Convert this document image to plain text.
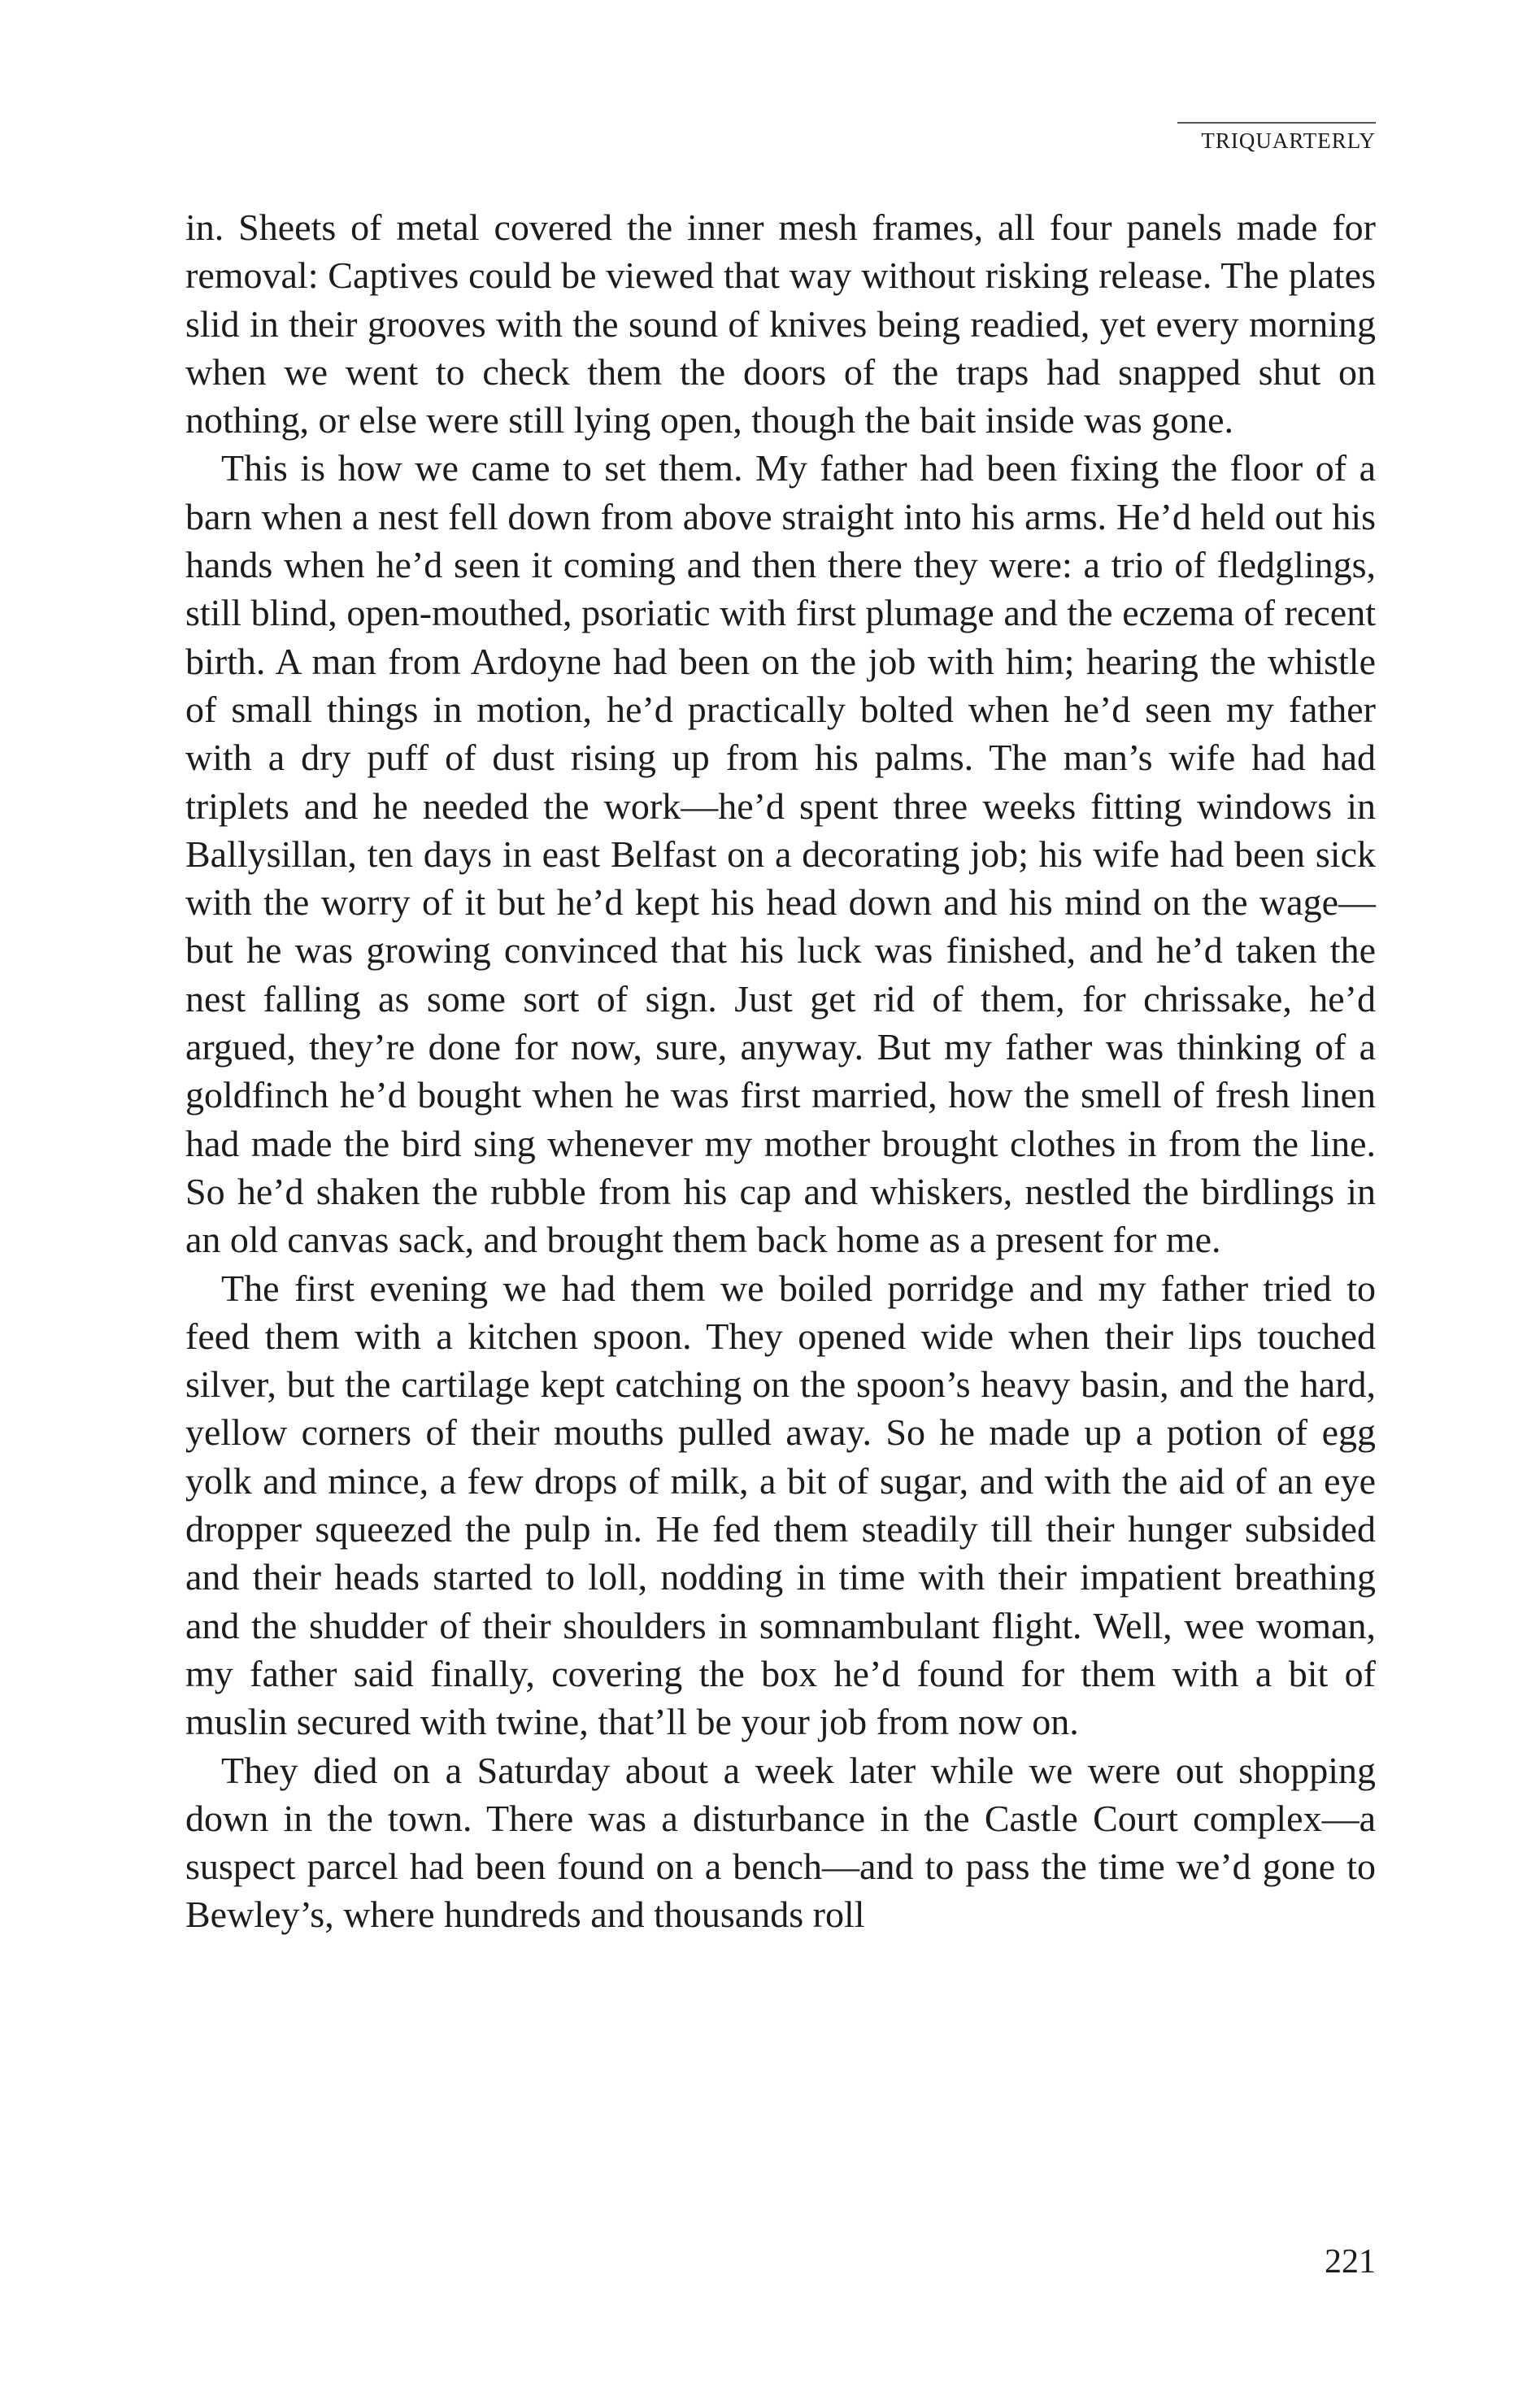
TRIQUARTERLY

in. Sheets of metal covered the inner mesh frames, all four panels made for removal: Captives could be viewed that way without risking release. The plates slid in their grooves with the sound of knives being readied, yet every morning when we went to check them the doors of the traps had snapped shut on nothing, or else were still lying open, though the bait inside was gone.

This is how we came to set them. My father had been fixing the floor of a barn when a nest fell down from above straight into his arms. He’d held out his hands when he’d seen it coming and then there they were: a trio of fledglings, still blind, open-mouthed, psoriatic with first plumage and the eczema of recent birth. A man from Ardoyne had been on the job with him; hearing the whistle of small things in motion, he’d practically bolted when he’d seen my father with a dry puff of dust rising up from his palms. The man’s wife had had triplets and he needed the work—he’d spent three weeks fitting windows in Ballysillan, ten days in east Belfast on a decorating job; his wife had been sick with the worry of it but he’d kept his head down and his mind on the wage—but he was growing convinced that his luck was finished, and he’d taken the nest falling as some sort of sign. Just get rid of them, for chrissake, he’d argued, they’re done for now, sure, anyway. But my father was thinking of a goldfinch he’d bought when he was first married, how the smell of fresh linen had made the bird sing whenever my mother brought clothes in from the line. So he’d shaken the rubble from his cap and whiskers, nestled the birdlings in an old canvas sack, and brought them back home as a present for me.

The first evening we had them we boiled porridge and my father tried to feed them with a kitchen spoon. They opened wide when their lips touched silver, but the cartilage kept catching on the spoon’s heavy basin, and the hard, yellow corners of their mouths pulled away. So he made up a potion of egg yolk and mince, a few drops of milk, a bit of sugar, and with the aid of an eye dropper squeezed the pulp in. He fed them steadily till their hunger subsided and their heads started to loll, nodding in time with their impatient breathing and the shudder of their shoulders in somnambulant flight. Well, wee woman, my father said finally, covering the box he’d found for them with a bit of muslin secured with twine, that’ll be your job from now on.

They died on a Saturday about a week later while we were out shopping down in the town. There was a disturbance in the Castle Court complex—a suspect parcel had been found on a bench—and to pass the time we’d gone to Bewley’s, where hundreds and thousands roll

221
